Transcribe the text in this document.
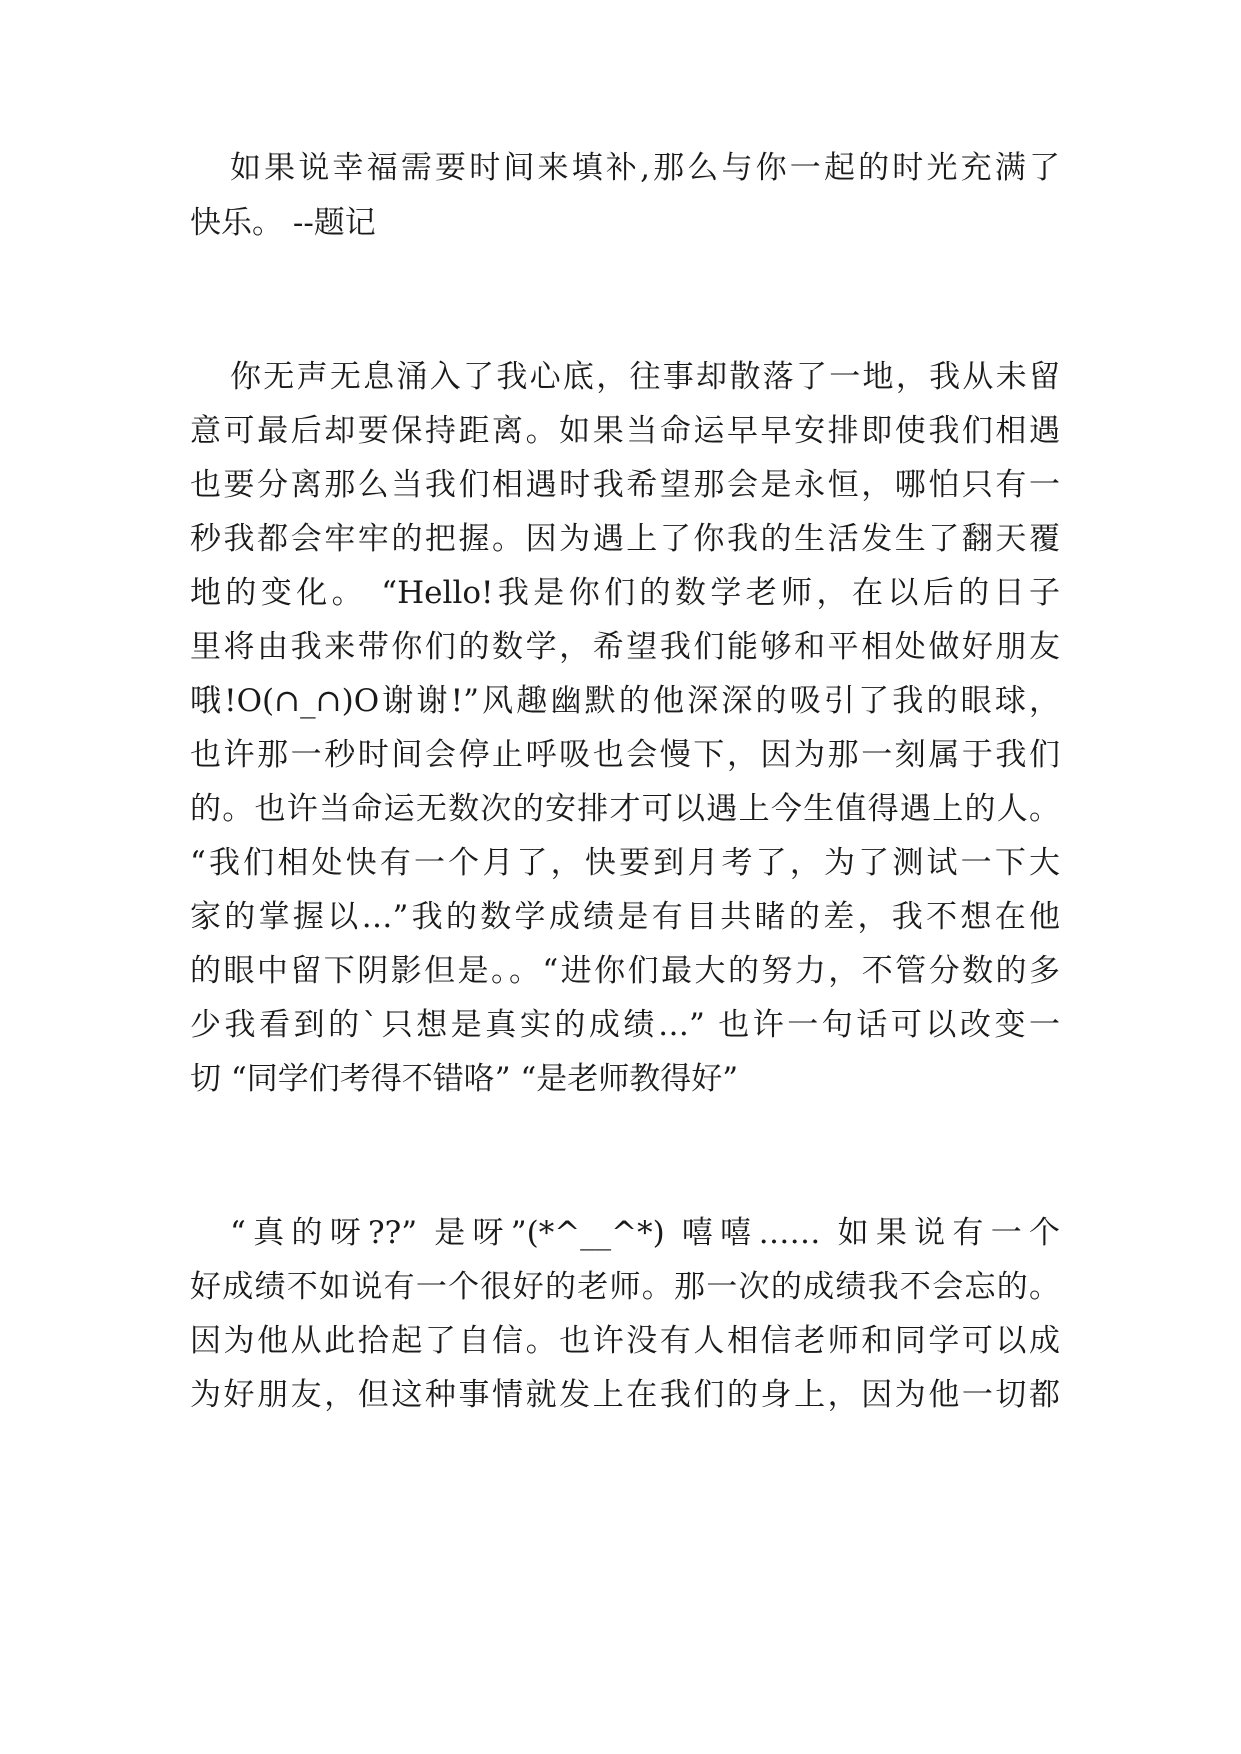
如果说幸福需要时间来填补,那么与你一起的时光充满了
快乐。 --题记
你无声无息涌入了我心底，往事却散落了一地，我从未留
意可最后却要保持距离。如果当命运早早安排即使我们相遇
也要分离那么当我们相遇时我希望那会是永恒，哪怕只有一
秒我都会牢牢的把握。因为遇上了你我的生活发生了翻天覆
地的变化。 “Hello!我是你们的数学老师，在以后的日子
里将由我来带你们的数学，希望我们能够和平相处做好朋友
哦!O(∩_∩)O谢谢!”风趣幽默的他深深的吸引了我的眼球，
也许那一秒时间会停止呼吸也会慢下，因为那一刻属于我们
的。也许当命运无数次的安排才可以遇上今生值得遇上的人。
“我们相处快有一个月了，快要到月考了，为了测试一下大
家的掌握以…”我的数学成绩是有目共睹的差，我不想在他
的眼中留下阴影但是。。“进你们最大的努力，不管分数的多
少我看到的`只想是真实的成绩…” 也许一句话可以改变一
切 “同学们考得不错咯” “是老师教得好”
“真的呀??” 是呀”(*^__^*) 嘻嘻…… 如果说有一个
好成绩不如说有一个很好的老师。那一次的成绩我不会忘的。
因为他从此拾起了自信。也许没有人相信老师和同学可以成
为好朋友，但这种事情就发上在我们的身上，因为他一切都
